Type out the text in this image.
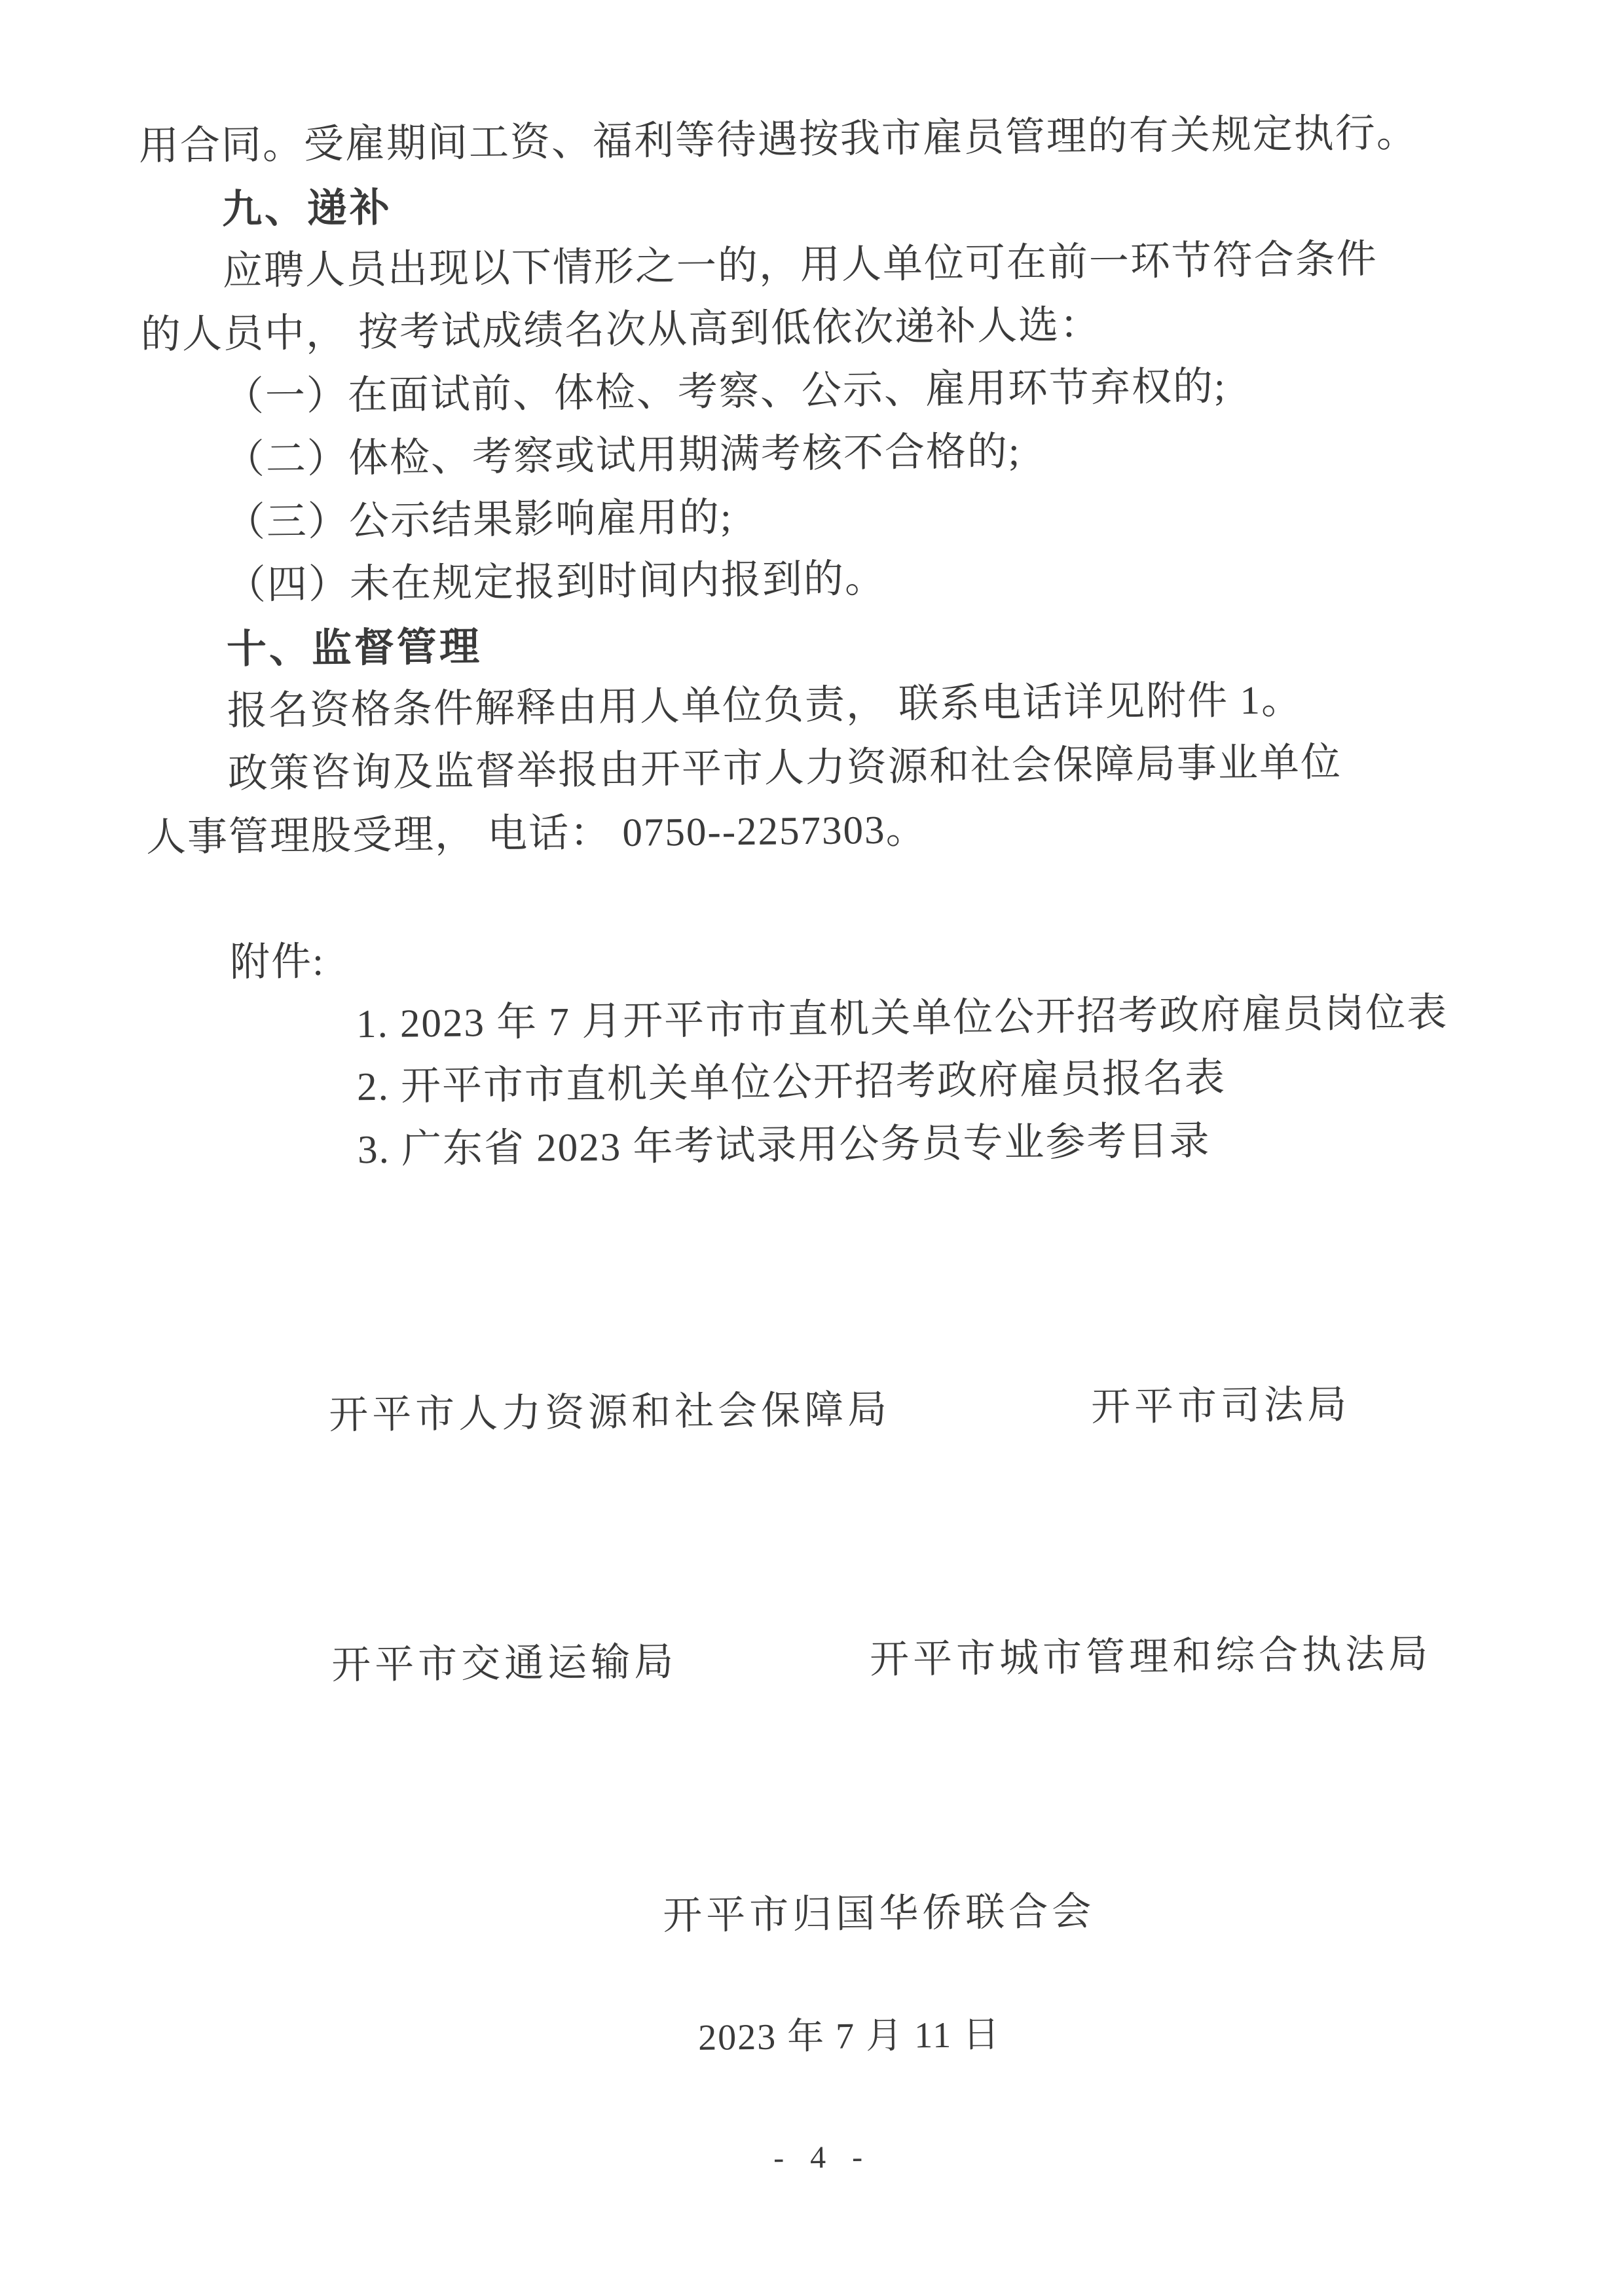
用合同。受雇期间工资、福利等待遇按我市雇员管理的有关规定执行。
九、递补
应聘人员出现以下情形之一的，用人单位可在前一环节符合条件
的人员中， 按考试成绩名次从高到低依次递补人选：
（一）在面试前、体检、考察、公示、雇用环节弃权的;
（二）体检、考察或试用期满考核不合格的;
（三）公示结果影响雇用的;
（四）未在规定报到时间内报到的。
十、监督管理
报名资格条件解释由用人单位负责， 联系电话详见附件 1。
政策咨询及监督举报由开平市人力资源和社会保障局事业单位
人事管理股受理， 电话： 0750--2257303。
附件:
1. 2023 年 7 月开平市市直机关单位公开招考政府雇员岗位表
2. 开平市市直机关单位公开招考政府雇员报名表
3. 广东省 2023 年考试录用公务员专业参考目录
开平市人力资源和社会保障局	开平市司法局
开平市交通运输局	开平市城市管理和综合执法局
开平市归国华侨联合会
2023 年 7 月 11 日
- 4 -
